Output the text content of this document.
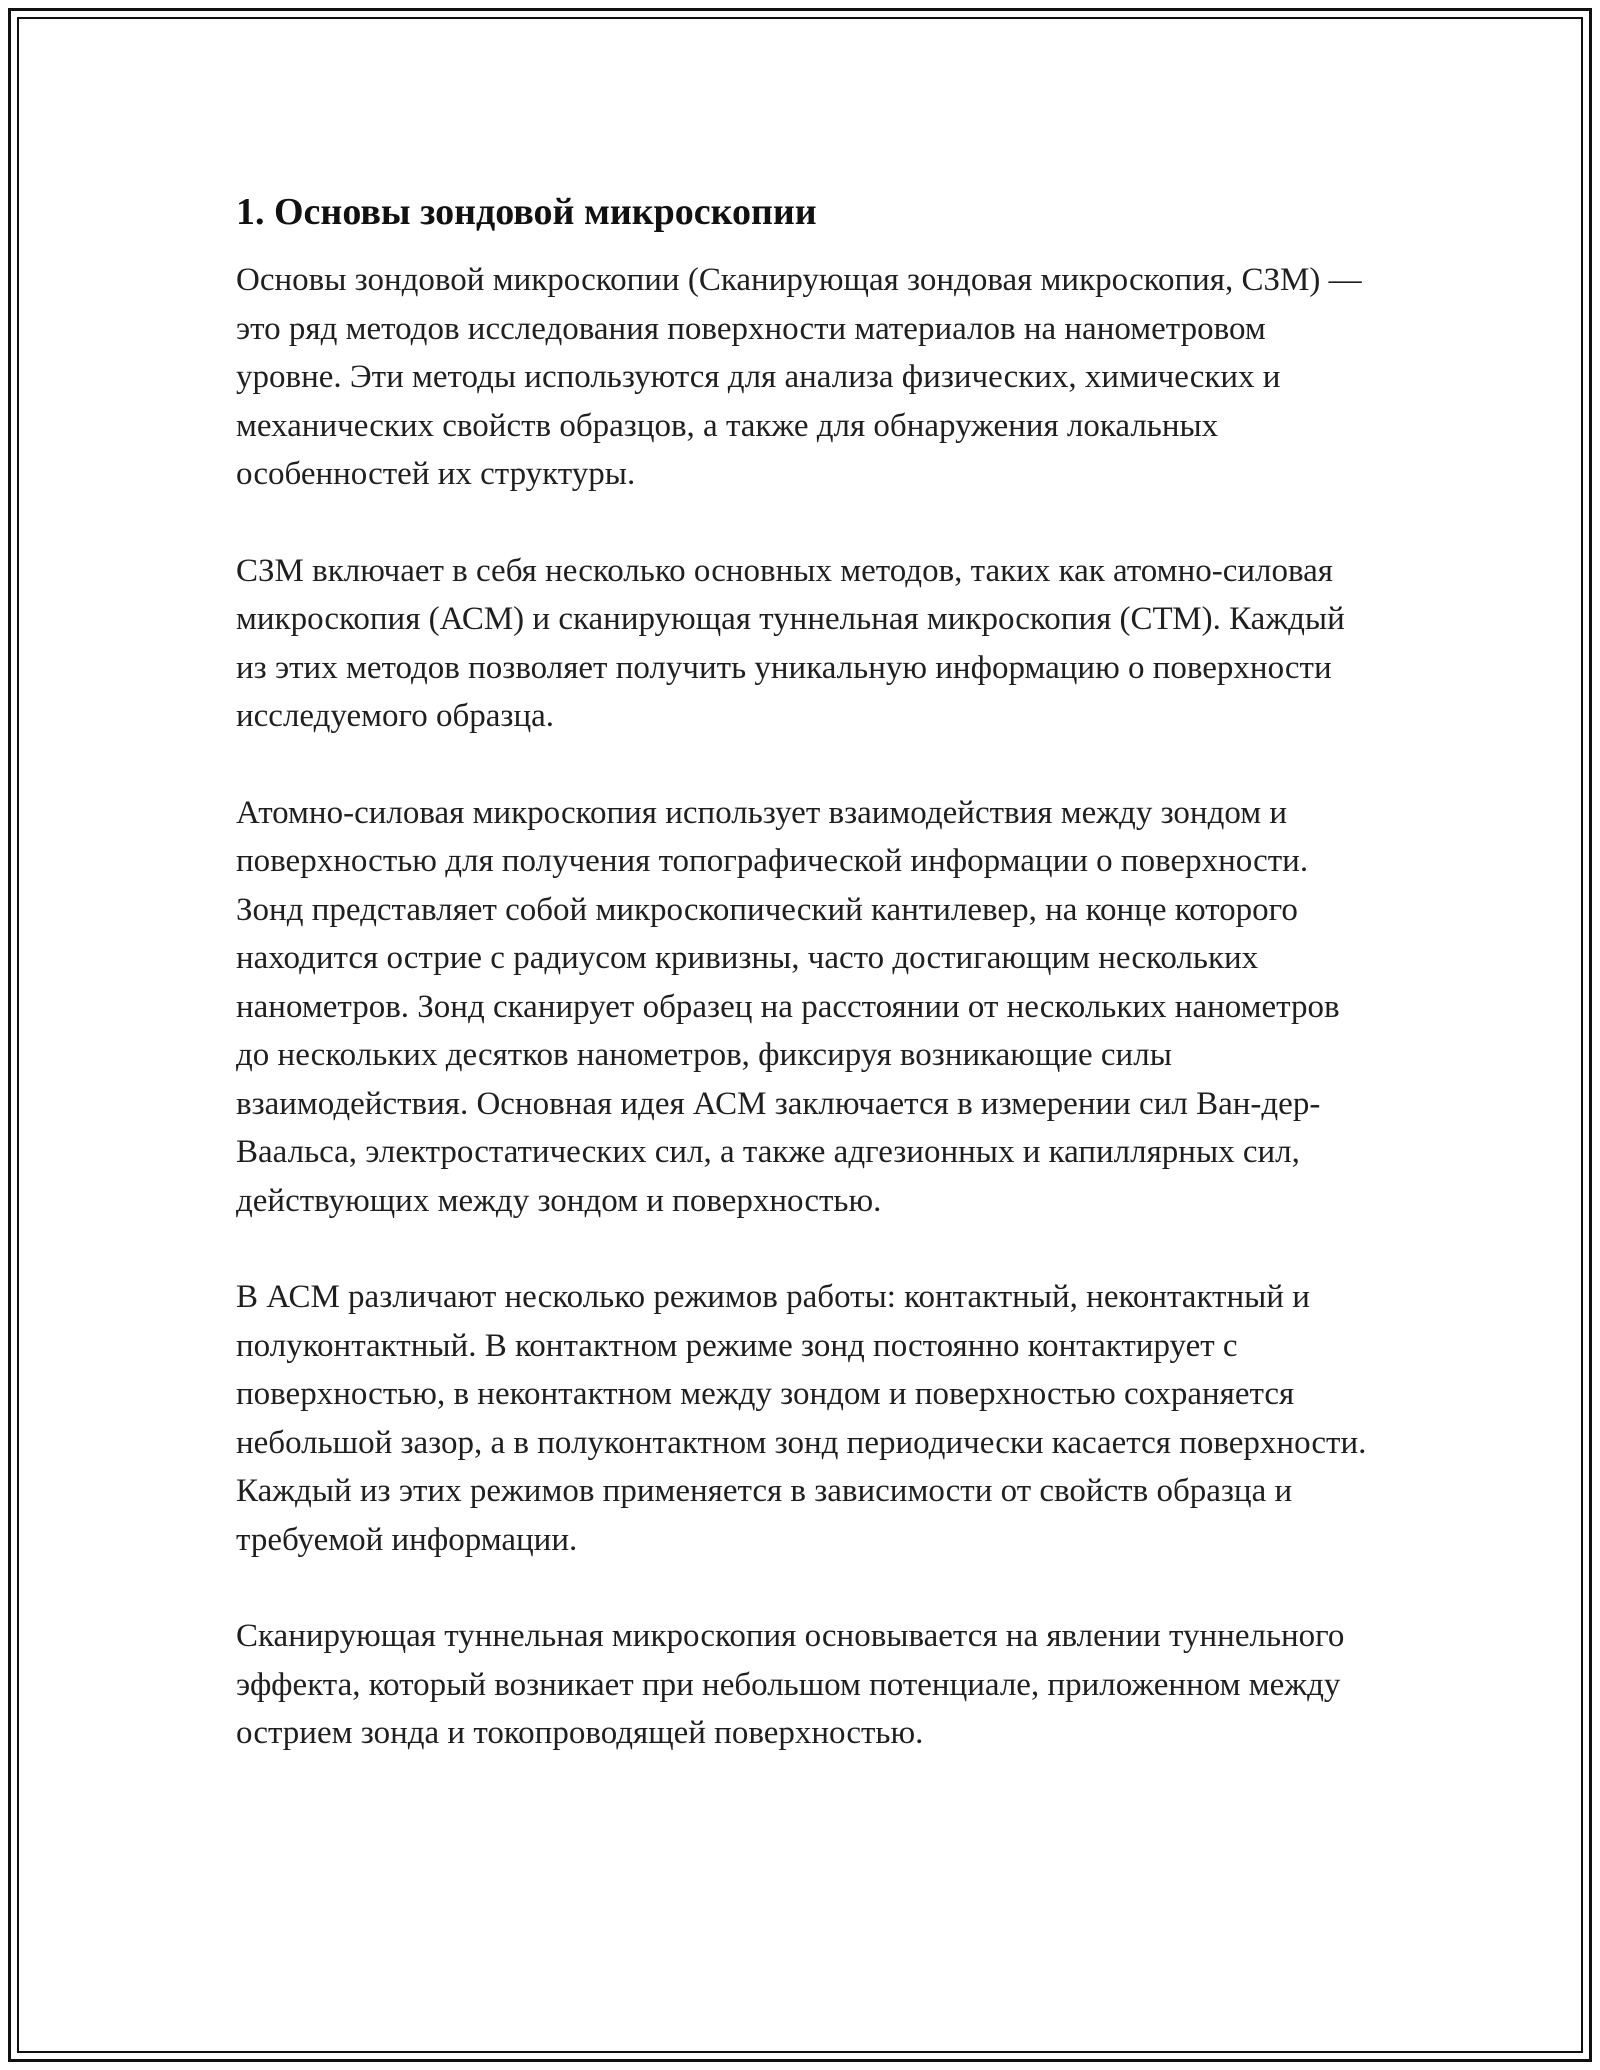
1. Основы зондовой микроскопии

Основы зондовой микроскопии (Сканирующая зондовая микроскопия, СЗМ) — это ряд методов исследования поверхности материалов на нанометровом уровне. Эти методы используются для анализа физических, химических и механических свойств образцов, а также для обнаружения локальных особенностей их структуры.

СЗМ включает в себя несколько основных методов, таких как атомно-силовая микроскопия (АСМ) и сканирующая туннельная микроскопия (СТМ). Каждый из этих методов позволяет получить уникальную информацию о поверхности исследуемого образца.

Атомно-силовая микроскопия использует взаимодействия между зондом и поверхностью для получения топографической информации о поверхности. Зонд представляет собой микроскопический кантилевер, на конце которого находится острие с радиусом кривизны, часто достигающим нескольких нанометров. Зонд сканирует образец на расстоянии от нескольких нанометров до нескольких десятков нанометров, фиксируя возникающие силы взаимодействия. Основная идея АСМ заключается в измерении сил Ван-дер-Ваальса, электростатических сил, а также адгезионных и капиллярных сил, действующих между зондом и поверхностью.

В АСМ различают несколько режимов работы: контактный, неконтактный и полуконтактный. В контактном режиме зонд постоянно контактирует с поверхностью, в неконтактном между зондом и поверхностью сохраняется небольшой зазор, а в полуконтактном зонд периодически касается поверхности. Каждый из этих режимов применяется в зависимости от свойств образца и требуемой информации.

Сканирующая туннельная микроскопия основывается на явлении туннельного эффекта, который возникает при небольшом потенциале, приложенном между острием зонда и токопроводящей поверхностью.
